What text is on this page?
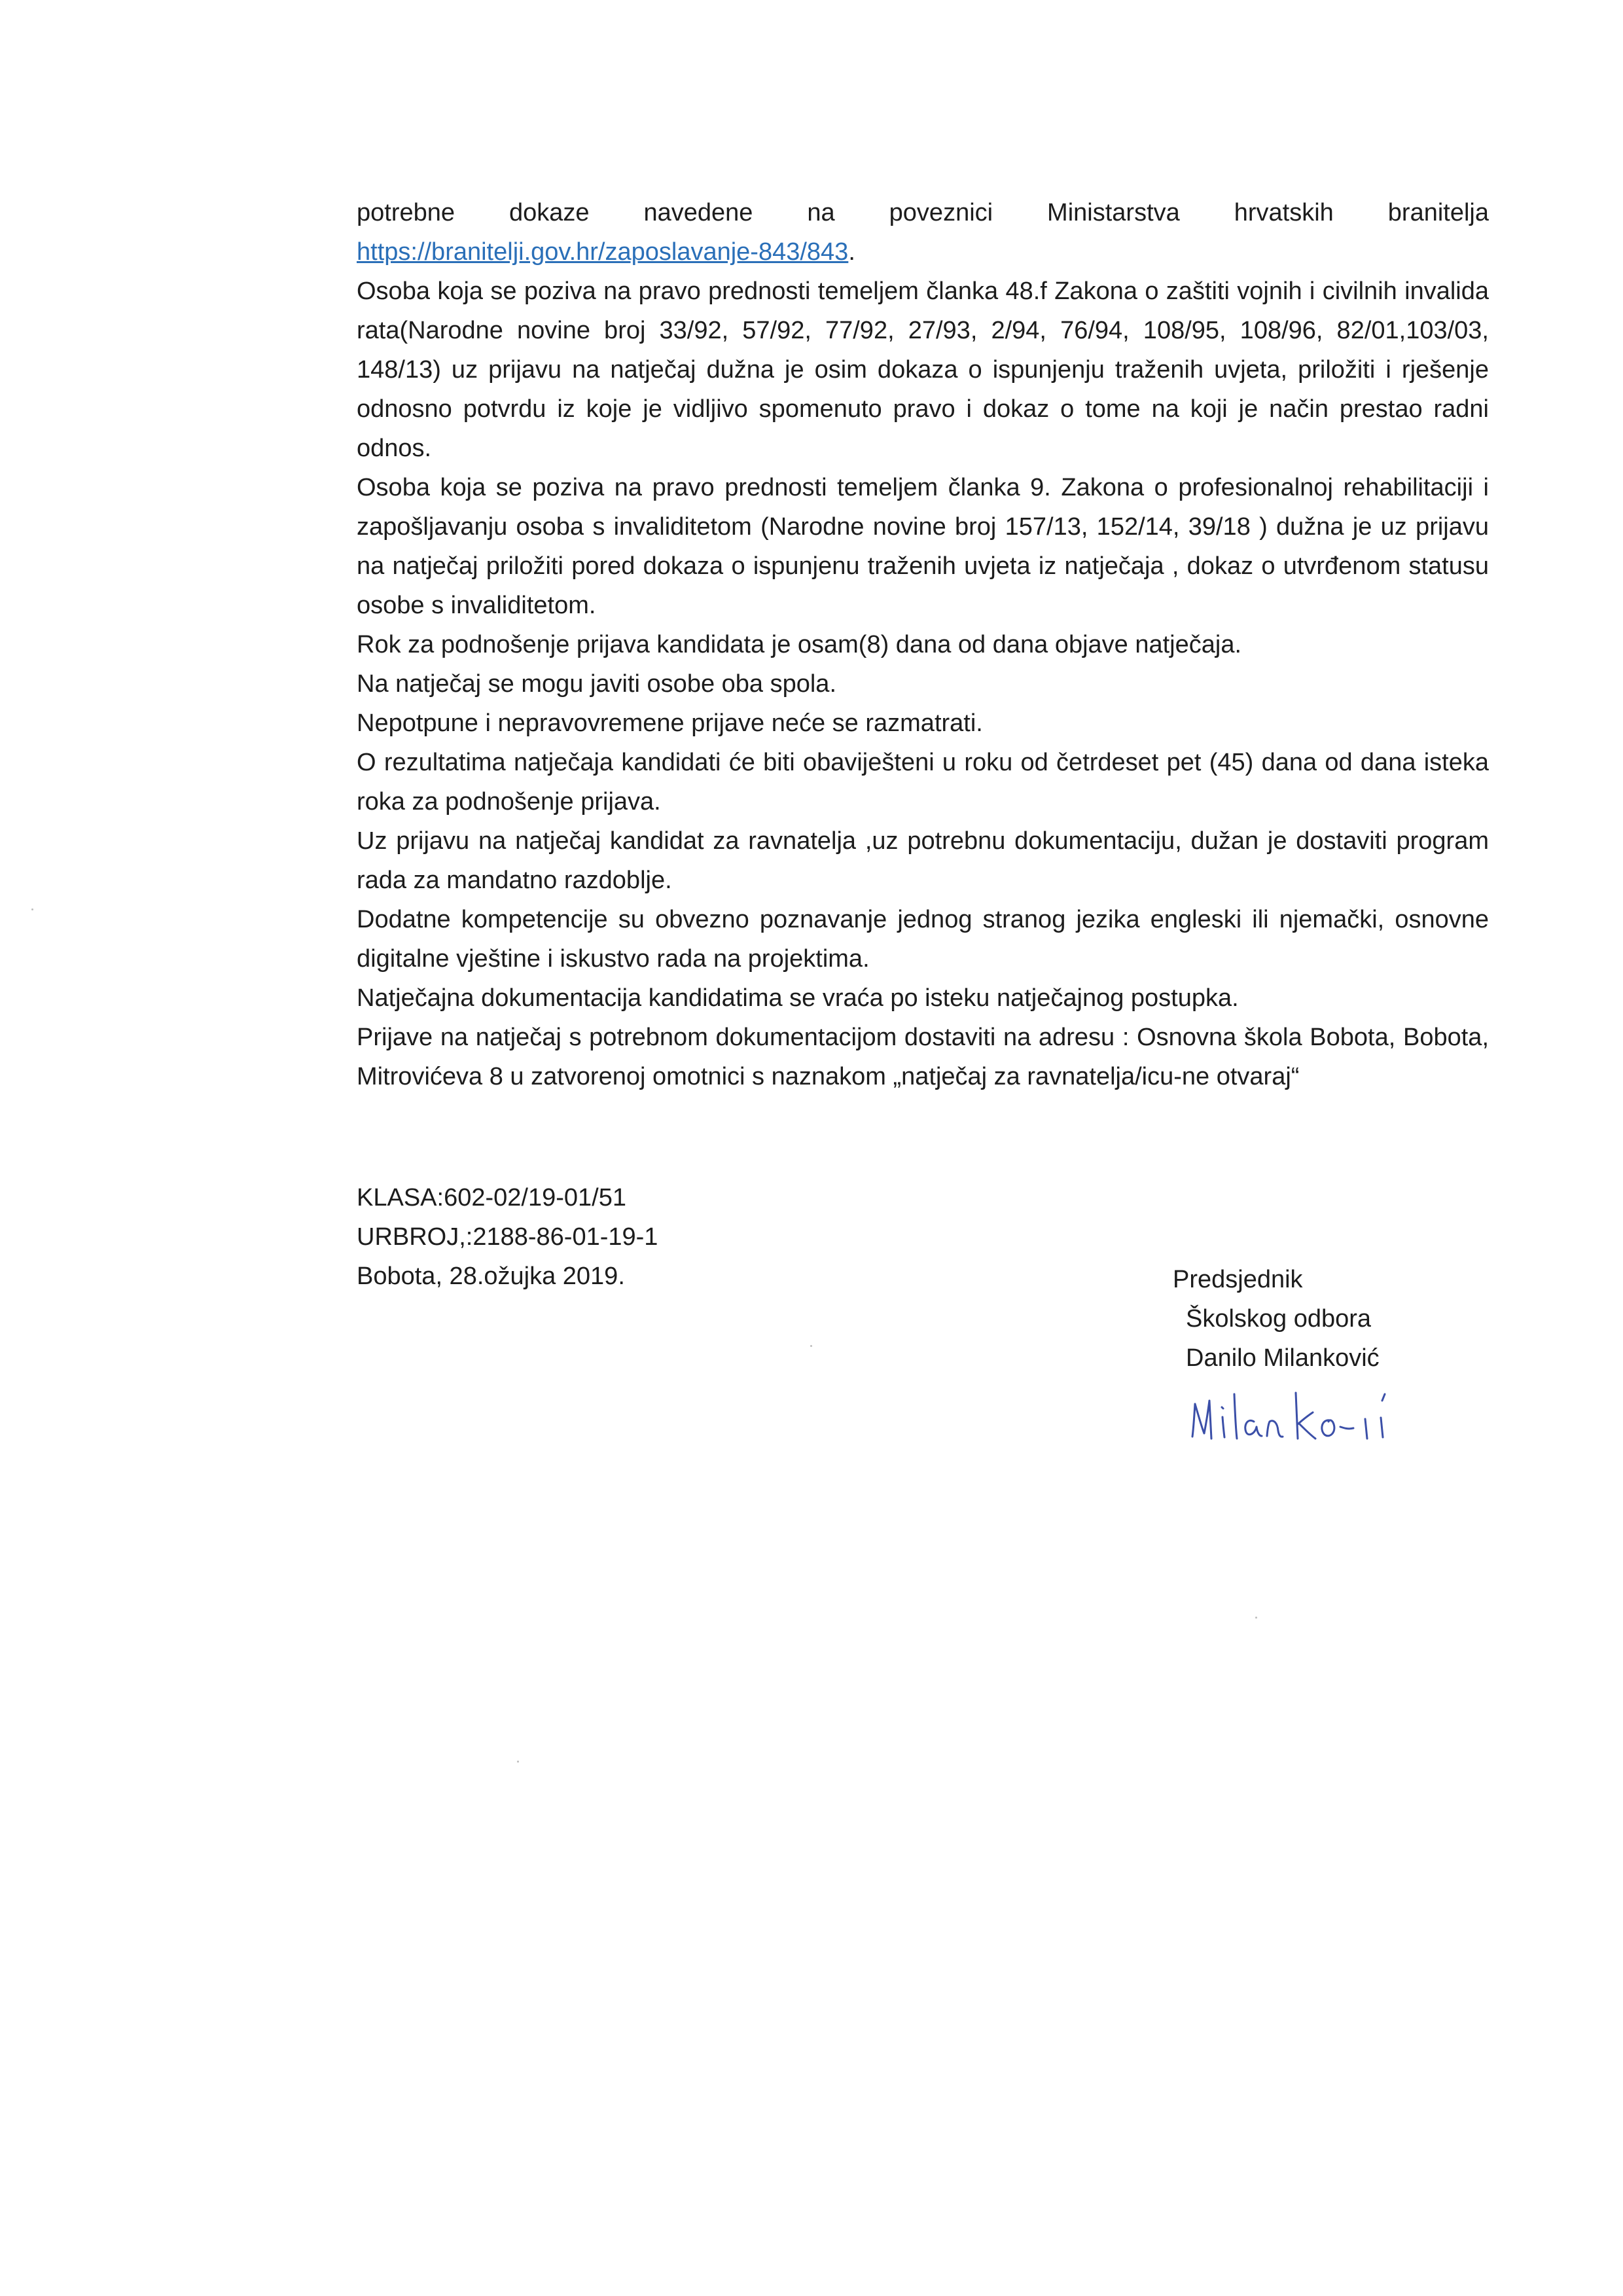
potrebne dokaze navedene na poveznici Ministarstva hrvatskih branitelja https://branitelji.gov.hr/zaposlavanje-843/843.

Osoba koja se poziva na pravo prednosti temeljem članka 48.f Zakona o zaštiti vojnih i civilnih invalida rata(Narodne novine broj 33/92, 57/92, 77/92, 27/93, 2/94, 76/94, 108/95, 108/96, 82/01,103/03, 148/13) uz prijavu na natječaj dužna je osim dokaza o ispunjenju traženih uvjeta, priložiti i rješenje odnosno potvrdu iz koje je vidljivo spomenuto pravo i dokaz o tome na koji je način prestao radni odnos.

Osoba koja se poziva na pravo prednosti temeljem članka 9. Zakona o profesionalnoj rehabilitaciji i zapošljavanju osoba s invaliditetom (Narodne novine broj 157/13, 152/14, 39/18 ) dužna je uz prijavu na natječaj priložiti pored dokaza o ispunjenu traženih uvjeta iz natječaja , dokaz o utvrđenom statusu osobe s invaliditetom.

Rok za podnošenje prijava kandidata je osam(8) dana od dana objave natječaja.

Na natječaj se mogu javiti osobe oba spola.

Nepotpune i nepravovremene prijave neće se razmatrati.

O rezultatima natječaja kandidati će biti obaviješteni u roku od četrdeset pet (45) dana od dana isteka roka za podnošenje prijava.

Uz prijavu na natječaj kandidat za ravnatelja ,uz potrebnu dokumentaciju, dužan je dostaviti program rada za mandatno razdoblje.

Dodatne kompetencije su obvezno poznavanje jednog stranog jezika engleski ili njemački, osnovne digitalne vještine i iskustvo rada na projektima.

Natječajna dokumentacija kandidatima se vraća po isteku natječajnog postupka.

Prijave na natječaj s potrebnom dokumentacijom dostaviti na adresu : Osnovna škola Bobota, Bobota, Mitrovićeva 8 u zatvorenoj omotnici s naznakom „natječaj za ravnatelja/icu-ne otvaraj“

KLASA:602-02/19-01/51
URBROJ,:2188-86-01-19-1
Bobota, 28.ožujka 2019.	Predsjednik
Školskog odbora
Danilo Milanković
